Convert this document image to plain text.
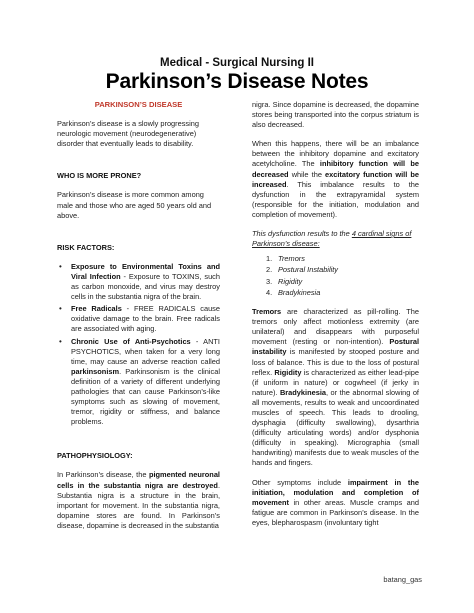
Medical - Surgical Nursing II
Parkinson’s Disease Notes
PARKINSON’S DISEASE

Parkinson’s disease is a slowly progressing neurologic movement (neurodegenerative) disorder that eventually leads to disability.

WHO IS MORE PRONE?

Parkinson’s disease is more common among male and those who are aged 50 years old and above.

RISK FACTORS:
• Exposure to Environmental Toxins and Viral Infection - Exposure to TOXINS, such as carbon monoxide, and virus may destroy cells in the substantia nigra of the brain.
• Free Radicals - FREE RADICALS cause oxidative damage to the brain. Free radicals are associated with aging.
• Chronic Use of Anti-Psychotics - ANTI PSYCHOTICS, when taken for a very long time, may cause an adverse reaction called parkinsonism. Parkinsonism is the clinical definition of a variety of different underlying pathologies that can cause Parkinson’s-like symptoms such as slowing of movement, tremor, rigidity or stiffness, and balance problems.
PATHOPHYSIOLOGY:

In Parkinson’s disease, the pigmented neuronal cells in the substantia nigra are destroyed. Substantia nigra is a structure in the brain, important for movement. In the substantia nigra, dopamine stores are found. In Parkinson’s disease, dopamine is decreased in the substantia

nigra. Since dopamine is decreased, the dopamine stores being transported into the corpus striatum is also decreased.

When this happens, there will be an imbalance between the inhibitory dopamine and excitatory acetylcholine. The inhibitory function will be decreased while the excitatory function will be increased. This imbalance results to the dysfunction in the extrapyramidal system (responsible for the initiation, modulation and completion of movement).

This dysfunction results to the 4 cardinal signs of Parkinson’s disease:

1. Tremors
2. Postural Instability
3. Rigidity
4. Bradykinesia

Tremors are characterized as pill-rolling. The tremors only affect motionless extremity (are unilateral) and disappears with purposeful movement (resting or non-intention). Postural instability is manifested by stooped posture and loss of balance. This is due to the loss of postural reflex. Rigidity is characterized as either lead-pipe (if uniform in nature) or cogwheel (if jerky in nature). Bradykinesia, or the abnormal slowing of all movements, results to weak and uncoordinated muscles of speech. This leads to drooling, dysphagia (difficulty swallowing), dysarthria (difficulty articulating words) and/or dysphonia (difficulty in speaking). Micrographia (small handwriting) manifests due to weak muscles of the hands and fingers.

Other symptoms include impairment in the initiation, modulation and completion of movement in other areas. Muscle cramps and fatigue are common in Parkinson’s disease. In the eyes, blepharospasm (involuntary tight

batang_gas
